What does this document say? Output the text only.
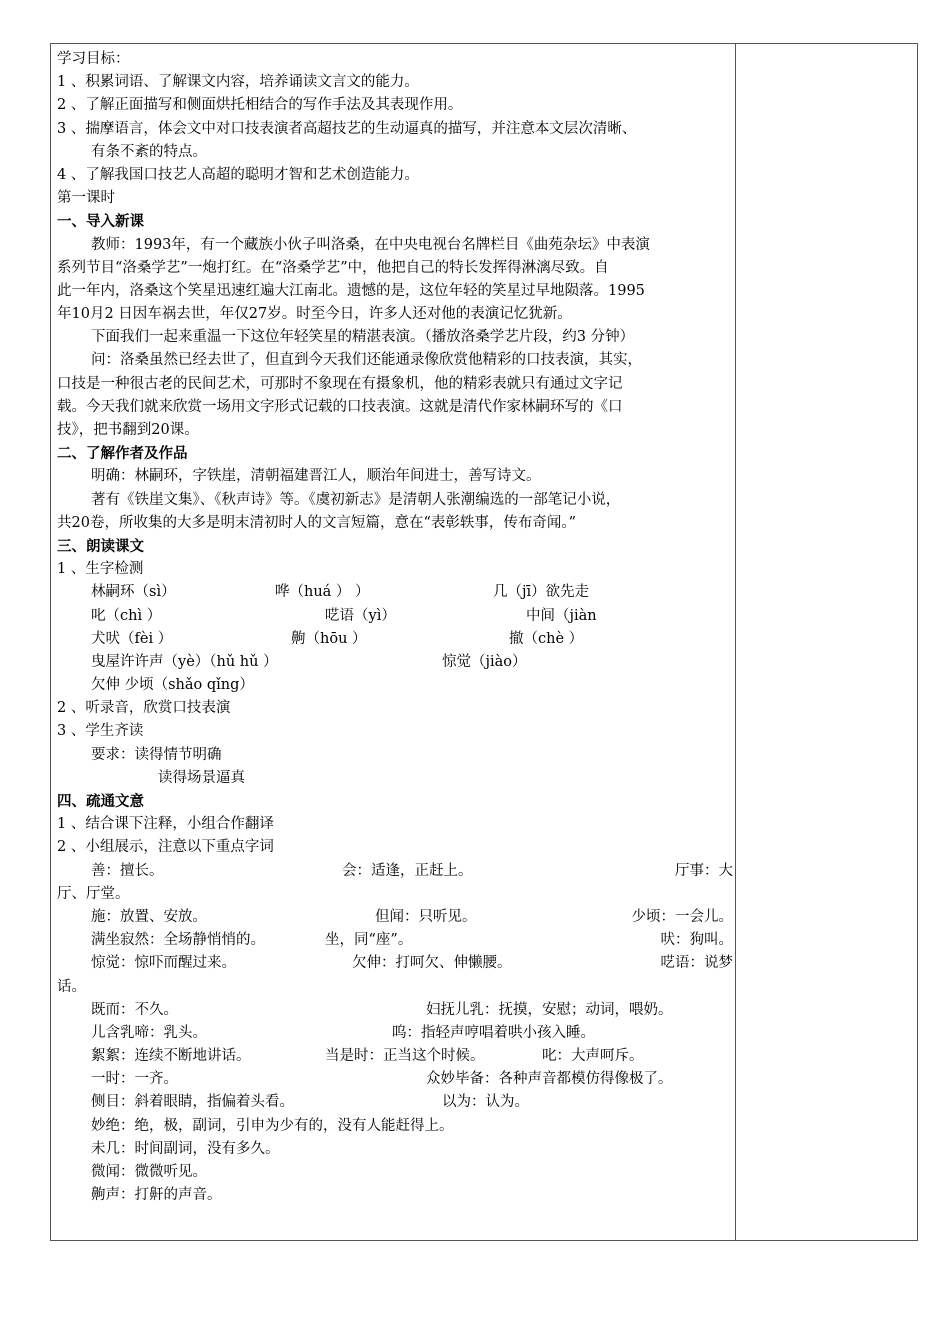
学习目标：
1 、积累词语、了解课文内容，培养诵读文言文的能力。
2 、了解正面描写和侧面烘托相结合的写作手法及其表现作用。
3 、揣摩语言，体会文中对口技表演者高超技艺的生动逼真的描写，并注意本文层次清晰、
有条不紊的特点。
4 、了解我国口技艺人高超的聪明才智和艺术创造能力。
第一课时
一、导入新课
教师：1993年，有一个藏族小伙子叫洛桑，在中央电视台名牌栏目《曲苑杂坛》中表演
系列节目“洛桑学艺”一炮打红。在“洛桑学艺”中，他把自己的特长发挥得淋漓尽致。自
此一年内，洛桑这个笑星迅速红遍大江南北。遗憾的是，这位年轻的笑星过早地陨落。1995
年10月2 日因车祸去世，年仅27岁。时至今日，许多人还对他的表演记忆犹新。
下面我们一起来重温一下这位年轻笑星的精湛表演。（播放洛桑学艺片段，约3 分钟）
问：洛桑虽然已经去世了，但直到今天我们还能通录像欣赏他精彩的口技表演，其实，
口技是一种很古老的民间艺术，可那时不象现在有摄象机，他的精彩表就只有通过文字记
载。今天我们就来欣赏一场用文字形式记载的口技表演。这就是清代作家林嗣环写的《口
技》，把书翻到20课。
二、了解作者及作品
明确：林嗣环，字铁崖，清朝福建晋江人，顺治年间进士，善写诗文。
著有《铁崖文集》、《秋声诗》等。《虞初新志》是清朝人张潮编选的一部笔记小说，
共20卷，所收集的大多是明末清初时人的文言短篇，意在“表彰轶事，传布奇闻。”
三、朗读课文
1 、生字检测
林嗣环（sì）	哗（huá ） ）	几（jī）欲先走
叱（chì ）	呓语（yì）	中间（jiàn
犬吠（fèi ）	齁（hōu ）	撤（chè ）
曳屋许许声（yè）（hǔ hǔ ）	惊觉（jiào）
欠伸 少顷（shǎo qǐng）
2 、听录音，欣赏口技表演
3 、学生齐读
要求：读得情节明确
读得场景逼真
四、疏通文意
1 、结合课下注释，小组合作翻译
2 、小组展示，注意以下重点字词
善：擅长。	会：适逢，正赶上。	厅事：大
厅、厅堂。
施：放置、安放。	但闻：只听见。	少顷：一会儿。
满坐寂然：全场静悄悄的。	坐，同“座”。	吠：狗叫。
惊觉：惊吓而醒过来。	欠伸：打呵欠、伸懒腰。	呓语：说梦
话。
既而：不久。	妇抚儿乳：抚摸，安慰；动词，喂奶。
儿含乳啼：乳头。	呜：指轻声哼唱着哄小孩入睡。
絮絮：连续不断地讲话。	当是时：正当这个时候。	叱：大声呵斥。
一时：一齐。	众妙毕备：各种声音都模仿得像极了。
侧目：斜着眼睛，指偏着头看。	以为：认为。
妙绝：绝，极，副词，引申为少有的，没有人能赶得上。
未几：时间副词，没有多久。
微闻：微微听见。
齁声：打鼾的声音。
